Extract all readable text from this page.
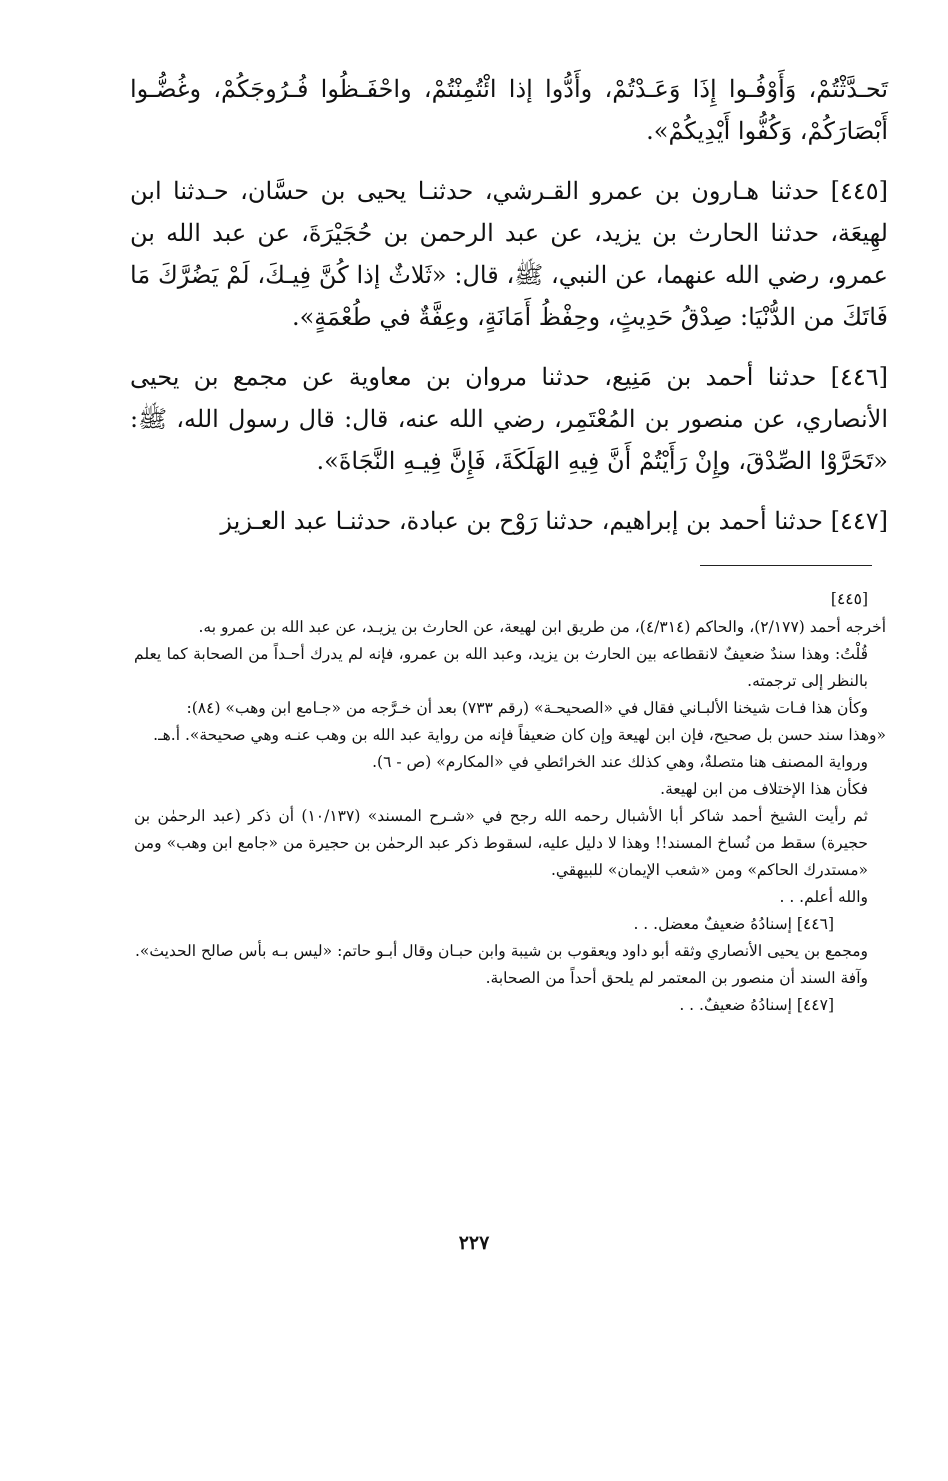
تَحـدَّثْتُمْ، وَأَوْفُـوا إِذَا وَعَـدْتُمْ، وأَدُّوا إذا ائْتُمِنْتُمْ، واحْفَـظُوا فُـرُوجَكُمْ، وغُضُّـوا أَبْصَارَكُمْ، وَكُفُّوا أَيْدِيكُمْ».

[٤٤٥] حدثنا هـارون بن عمرو القـرشي، حدثنـا يحيى بن حسَّان، حـدثنا ابن لهِيعَة، حدثنا الحارث بن يزيد، عن عبد الرحمن بن حُجَيْرَةَ، عن عبد الله بن عمرو، رضي الله عنهما، عن النبي، ﷺ، قال: «ثَلاثٌ إذا كُنَّ فِيـكَ، لَمْ يَضُرَّكَ مَا فَاتَكَ من الدُّنْيَا: صِدْقُ حَدِيثٍ، وحِفْظُ أَمَانَةٍ، وعِفَّةٌ في طُعْمَةٍ».

[٤٤٦] حدثنا أحمد بن مَنِيع، حدثنا مروان بن معاوية عن مجمع بن يحيى الأنصاري، عن منصور بن المُعْتَمِر، رضي الله عنه، قال: قال رسول الله، ﷺ: «تَحَرَّوْا الصِّدْقَ، وإِنْ رَأَيْتُمْ أَنَّ فِيهِ الهَلَكَةَ، فَإِنَّ فِيـهِ النَّجَاةَ».

[٤٤٧] حدثنا أحمد بن إبراهيم، حدثنا رَوْح بن عبادة، حدثنـا عبد العـزيز

[٤٤٥]

أخرجه أحمد (٢/١٧٧)، والحاكم (٤/٣١٤)، من طريق ابن لهيعة، عن الحارث بن يزيـد، عن عبد الله بن عمرو به.

قُلْتُ: وهذا سندٌ ضعيفٌ لانقطاعه بين الحارث بن يزيد، وعبد الله بن عمرو، فإنه لم يدرك أحـداً من الصحابة كما يعلم بالنظر إلى ترجمته.

وكأن هذا فـات شيخنا الألبـاني فقال في «الصحيحـة» (رقم ٧٣٣) بعد أن خـرَّجه من «جـامع ابن وهب» (٨٤):

«وهذا سند حسن بل صحيح، فإن ابن لهيعة وإن كان ضعيفاً فإنه من رواية عبد الله بن وهب عنـه وهي صحيحة». أ.هـ.

ورواية المصنف هنا متصلةٌ، وهي كذلك عند الخرائطي في «المكارم» (ص - ٦).

فكأن هذا الإختلاف من ابن لهيعة.

ثم رأيت الشيخ أحمد شاكر أبا الأشبال رحمه الله رجح في «شـرح المسند» (١٠/١٣٧) أن ذكر (عبد الرحمٰن بن حجيرة) سقط من نُساخ المسند!! وهذا لا دليل عليه، لسقوط ذكر عبد الرحمٰن بن حجيرة من «جامع ابن وهب» ومن «مستدرك الحاكم» ومن «شعب الإيمان» للبيهقي.

والله أعلم. . .

[٤٤٦] إسنادُهُ ضعيفٌ معضل. . .

ومجمع بن يحيى الأنصاري وثقه أبو داود ويعقوب بن شيبة وابن حبـان وقال أبـو حاتم: «ليس بـه بأس صالح الحديث».

وآفة السند أن منصور بن المعتمر لم يلحق أحداً من الصحابة.

[٤٤٧] إسنادُهُ ضعيفٌ. . .

٢٢٧
